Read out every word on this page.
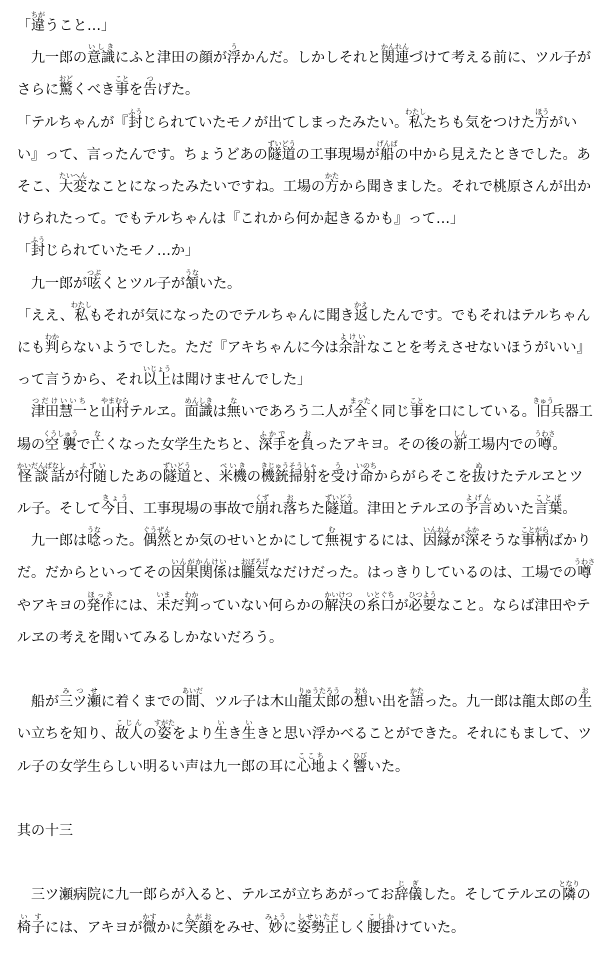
「違ちがうこと…」

　九一郎の意識いしきにふと津田の顔が浮うかんだ。しかしそれと関連かんれんづけて考える前に、ツル子がさらに驚おどくべき事ことを告つげた。

「テルちゃんが『封ふうじられていたモノが出てしまったみたい。私わたしたちも気をつけた方ほうがいい』って、言ったんです。ちょうどあの隧道ずいどうの工事現場が船げんばの中から見えたときでした。あそこ、大変たいへんなことになったみたいですね。工場の方かたから聞きました。それで桃原さんが出かけられたって。でもテルちゃんは『これから何か起きるかも』って…」

「封ふうじられていたモノ…か」

　九一郎が呟つぶくとツル子が頷うないた。

「ええ、私わたしもそれが気になったのでテルちゃんに聞き返かえしたんです。でもそれはテルちゃんにも判わからないようでした。ただ『アキちゃんに今は余計よけいなことを考えさせないほうがいい』って言うから、それ以上いじょうは聞けませんでした」

　津田慧一つだけいいちと山村やまむらテルヱ。面識めんしきは無ないであろう二人が全まったく同じ事ことを口にしている。旧きゅう兵器工場の空襲くうしゅうで亡なくなった女学生たちと、深手ふかでを負おったアキヨ。その後の新しん工場内での噂うわさ。怪談話かいだんばなしが付随ふずいしたあの隧道ずいどうと、米機べいきの機銃掃射きじゅうそうしゃを受うけ命いのちからがらそこを抜ぬけたテルヱとツル子。そして今日きょう、工事現場の事故で崩くずれ落おちた隧道ずいどう。津田とテルヱの予言よげんめいた言葉ことば。

　九一郎は唸うなった。偶然ぐうぜんとか気のせいとかにして無む視するには、因縁いんねんが深ふかそうな事柄ことがらばかりだ。だからといってその因果関係いんがかんけいは朧気おぼろげなだけだった。はっきりしているのは、工場での噂うわさやアキヨの発作ほっさには、未いまだ判わかっていない何らかの解決かいけつの糸口いとぐちが必要ひつようなこと。ならば津田やテルヱの考えを聞いてみるしかないだろう。

　船が三ツ瀬みつせに着くまでの間あいだ、ツル子は木山龍太郎りゅうたろうの想おもい出を語かたった。九一郎は龍太郎の生おい立ちを知り、故人こじんの姿すがたをより生いき生いきと思い浮かべることができた。それにもまして、ツル子の女学生らしい明るい声は九一郎の耳に心地ここちよく響ひびいた。

其の十三

　三ツ瀬病院に九一郎らが入ると、テルヱが立ちあがってお辞儀じぎした。そしてテルヱの隣となりの椅子いすには、アキヨが微かすかに笑顔えがおをみせ、妙みょうに姿勢正しせいただしく腰掛こしかけていた。
